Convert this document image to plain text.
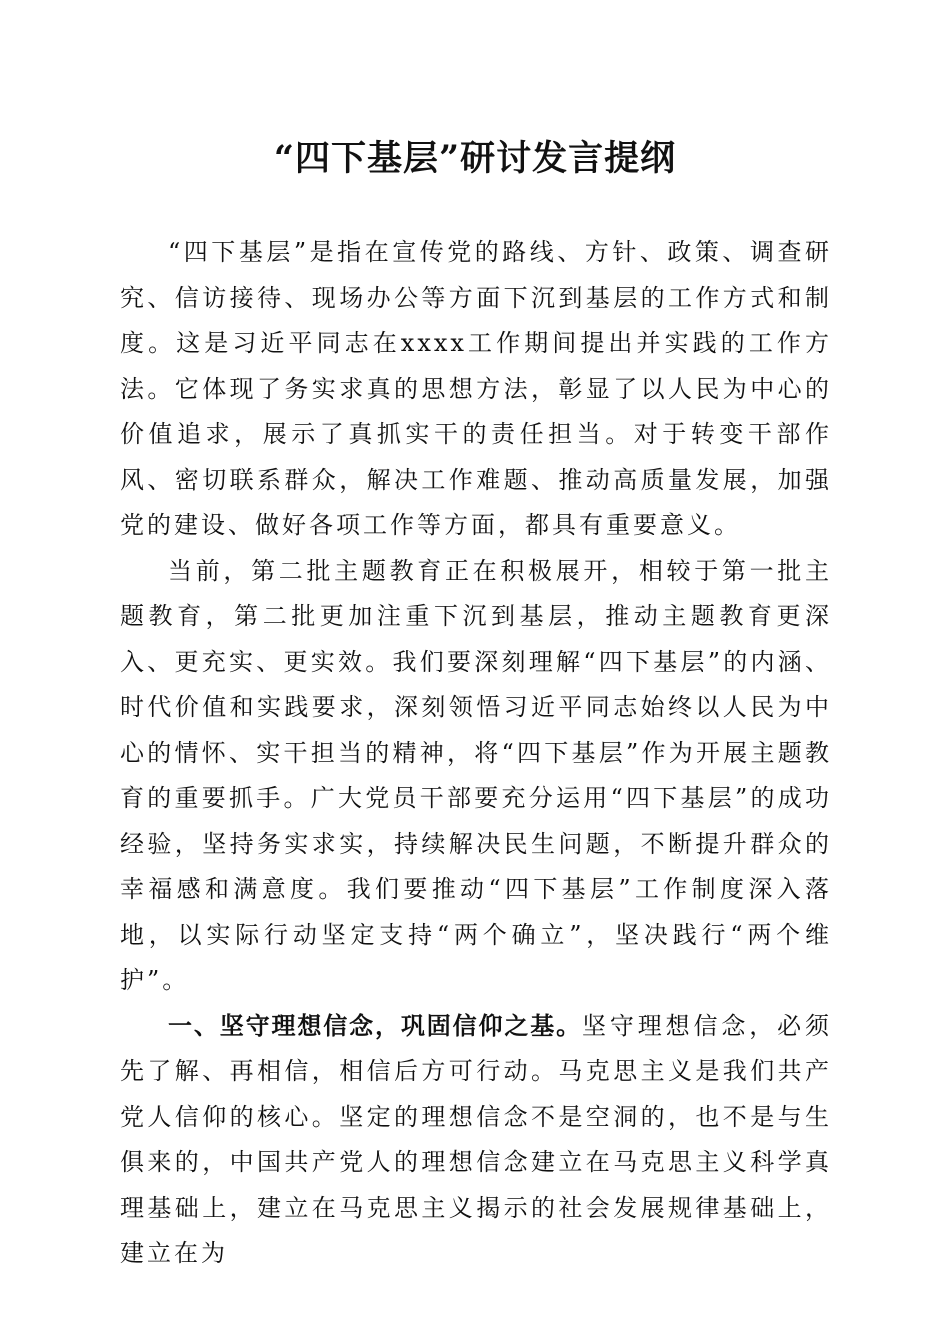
“四下基层”研讨发言提纲

“四下基层”是指在宣传党的路线、方针、政策、调查研究、信访接待、现场办公等方面下沉到基层的工作方式和制度。这是习近平同志在xxxx工作期间提出并实践的工作方法。它体现了务实求真的思想方法，彰显了以人民为中心的价值追求，展示了真抓实干的责任担当。对于转变干部作风、密切联系群众，解决工作难题、推动高质量发展，加强党的建设、做好各项工作等方面，都具有重要意义。

当前，第二批主题教育正在积极展开，相较于第一批主题教育，第二批更加注重下沉到基层，推动主题教育更深入、更充实、更实效。我们要深刻理解“四下基层”的内涵、时代价值和实践要求，深刻领悟习近平同志始终以人民为中心的情怀、实干担当的精神，将“四下基层”作为开展主题教育的重要抓手。广大党员干部要充分运用“四下基层”的成功经验，坚持务实求实，持续解决民生问题，不断提升群众的幸福感和满意度。我们要推动“四下基层”工作制度深入落地，以实际行动坚定支持“两个确立”，坚决践行“两个维护”。

一、坚守理想信念，巩固信仰之基。坚守理想信念，必须先了解、再相信，相信后方可行动。马克思主义是我们共产党人信仰的核心。坚定的理想信念不是空洞的，也不是与生俱来的，中国共产党人的理想信念建立在马克思主义科学真理基础上，建立在马克思主义揭示的社会发展规律基础上，建立在为
